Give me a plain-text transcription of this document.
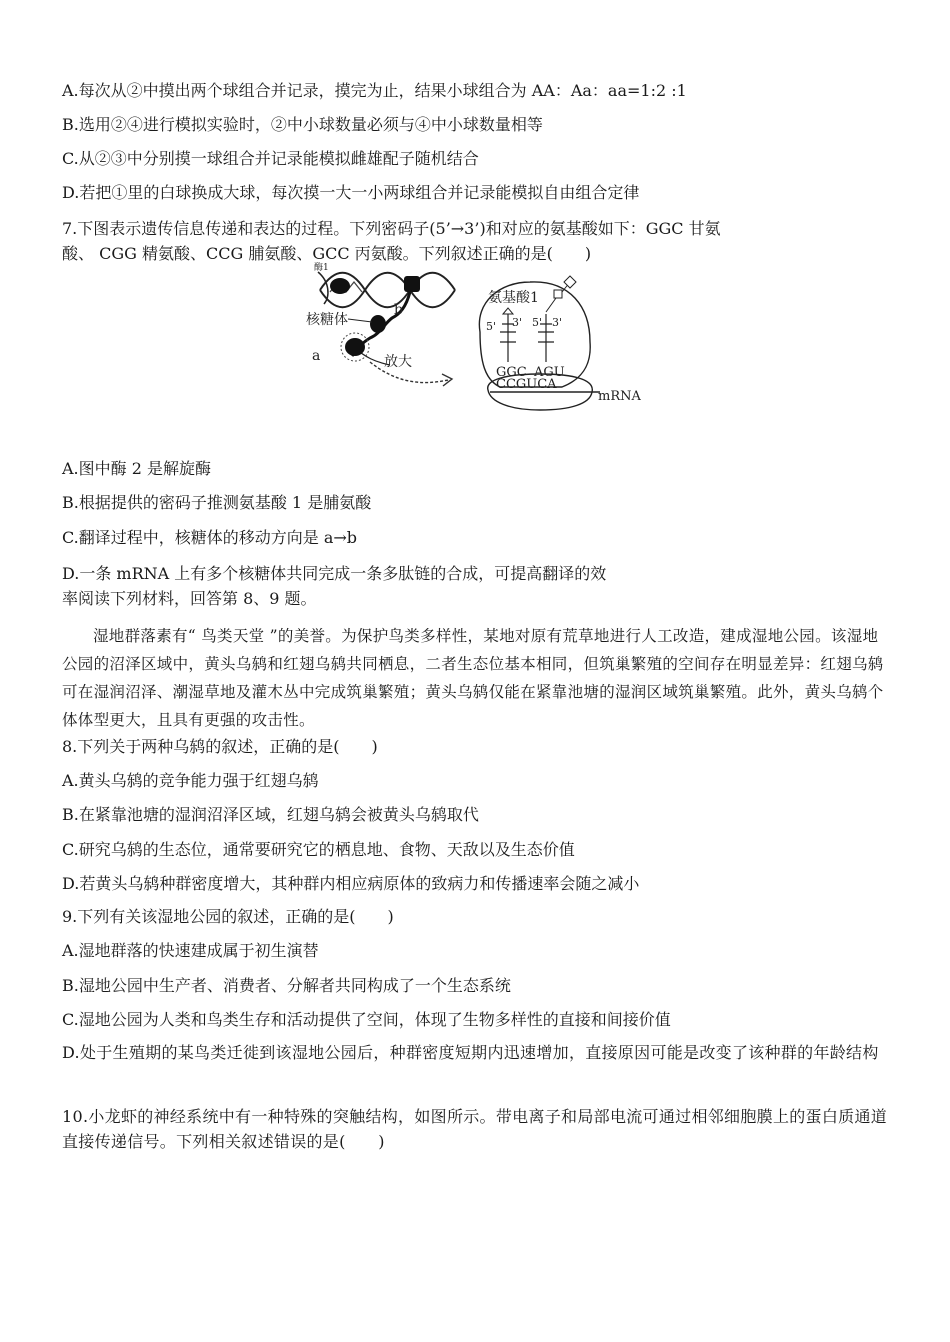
A.每次从②中摸出两个球组合并记录，摸完为止，结果小球组合为 AA：Aa：aa=1:2 :1
B.选用②④进行模拟实验时，②中小球数量必须与④中小球数量相等
C.从②③中分别摸一球组合并记录能模拟雌雄配子随机结合
D.若把①里的白球换成大球，每次摸一大一小两球组合并记录能模拟自由组合定律
7.下图表示遗传信息传递和表达的过程。下列密码子(5’→3’)和对应的氨基酸如下：GGC 甘氨
酸、 CGG 精氨酸、CCG 脯氨酸、GCC 丙氨酸。下列叙述正确的是(　　)
酶1
核糖体
a
b
放大
氨基酸1
5' 3' 5' 3'
GGC AGU
CCGUCA
mRNA
A.图中酶 2 是解旋酶
B.根据提供的密码子推测氨基酸 1 是脯氨酸
C.翻译过程中，核糖体的移动方向是 a→b
D.一条 mRNA 上有多个核糖体共同完成一条多肽链的合成，可提高翻译的效
率阅读下列材料，回答第 8、9 题。
湿地群落素有“ 鸟类天堂 ”的美誉。为保护鸟类多样性，某地对原有荒草地进行人工改造，建成湿地公园。该湿地公园的沼泽区域中，黄头乌鸫和红翅乌鸫共同栖息，二者生态位基本相同，但筑巢繁殖的空间存在明显差异：红翅乌鸫可在湿润沼泽、潮湿草地及灌木丛中完成筑巢繁殖；黄头乌鸫仅能在紧靠池塘的湿润区域筑巢繁殖。此外，黄头乌鸫个体体型更大，且具有更强的攻击性。
8.下列关于两种乌鸫的叙述，正确的是(　　)
A.黄头乌鸫的竞争能力强于红翅乌鸫
B.在紧靠池塘的湿润沼泽区域，红翅乌鸫会被黄头乌鸫取代
C.研究乌鸫的生态位，通常要研究它的栖息地、食物、天敌以及生态价值
D.若黄头乌鸫种群密度增大，其种群内相应病原体的致病力和传播速率会随之减小
9.下列有关该湿地公园的叙述，正确的是(　　)
A.湿地群落的快速建成属于初生演替
B.湿地公园中生产者、消费者、分解者共同构成了一个生态系统
C.湿地公园为人类和鸟类生存和活动提供了空间，体现了生物多样性的直接和间接价值
D.处于生殖期的某鸟类迁徙到该湿地公园后，种群密度短期内迅速增加，直接原因可能是改变了该种群的年龄结构
10.小龙虾的神经系统中有一种特殊的突触结构，如图所示。带电离子和局部电流可通过相邻细胞膜上的蛋白质通道直接传递信号。下列相关叙述错误的是(　　)
